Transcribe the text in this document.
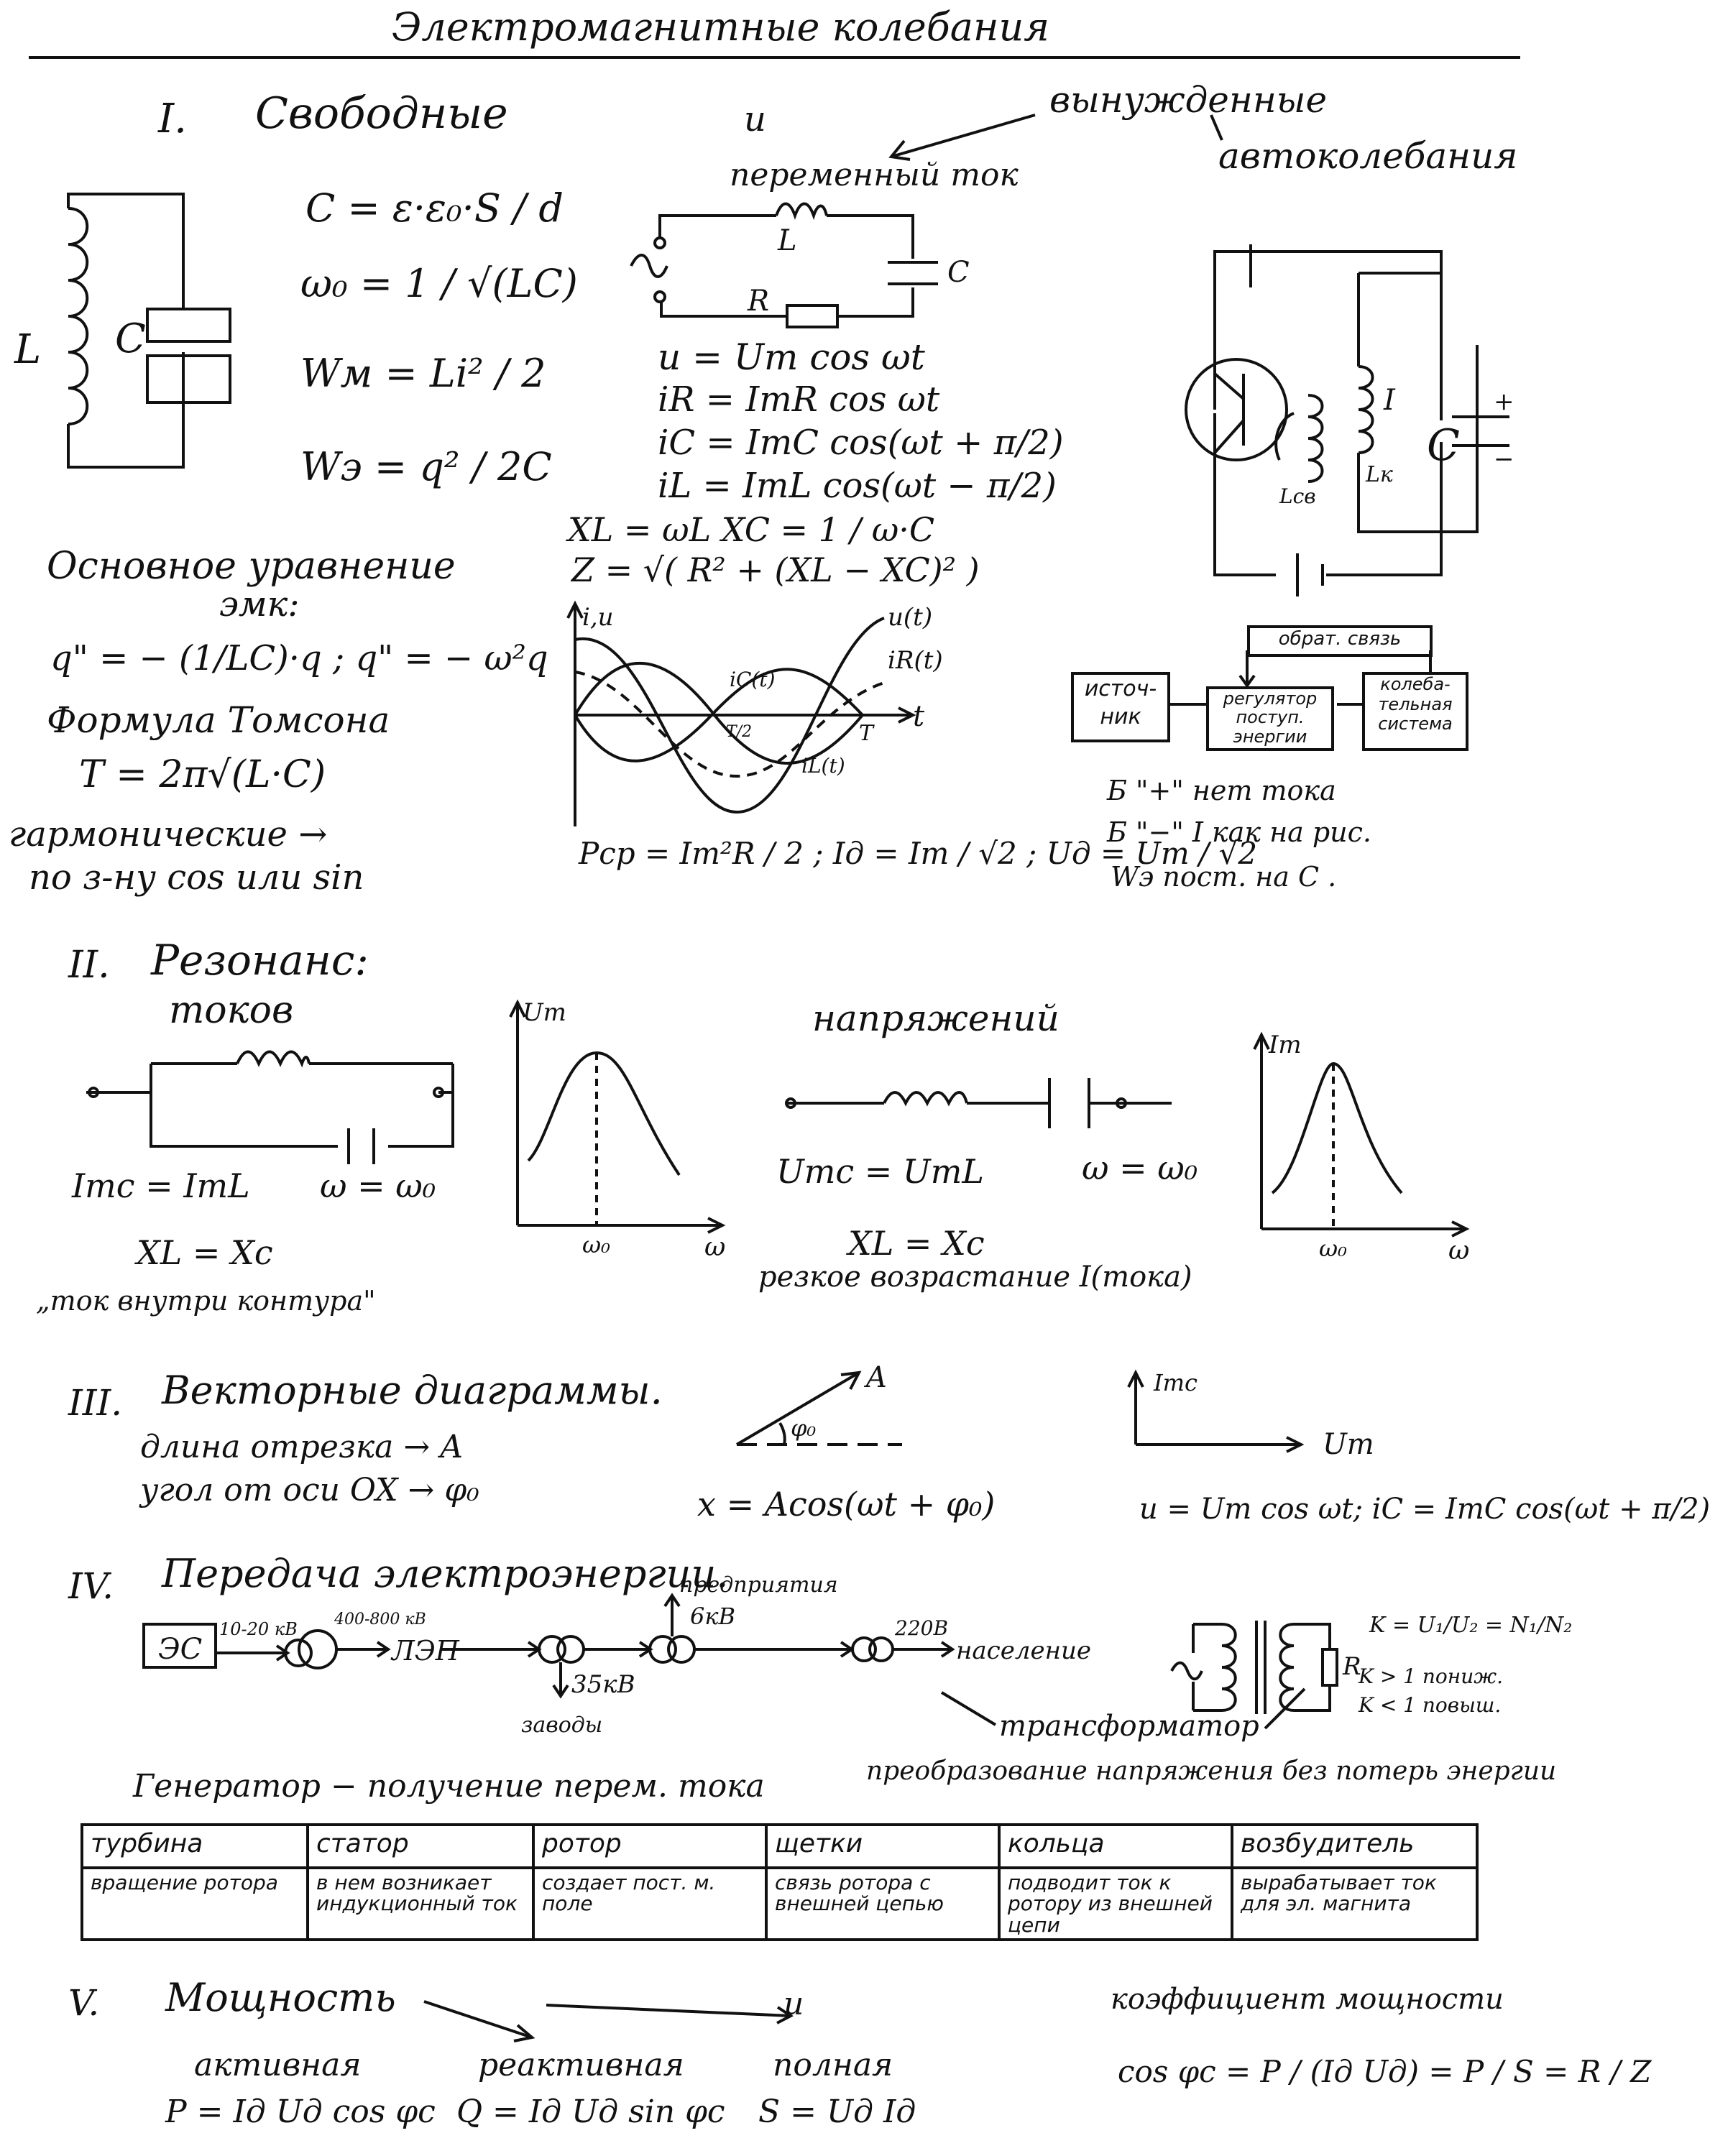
Электромагнитные колебания
I. Свободные	и	вынужденные
автоколебания
переменный ток
L C
C = ε·ε₀·S / d
ω₀ = 1 / √(LC)
Wм = Li² / 2
Wэ = q² / 2C
Основное уравнение
эмк:
q" = − (1/LC)·q ; q" = − ω²q
Формула Томсона
T = 2π√(L·C)
гармонические →
по з-ну cos или sin
L
R
C
u = Um cos ωt
iR = ImR cos ωt
iC = ImC cos(ωt + π/2)
iL = ImL cos(ωt − π/2)
XL = ωL XC = 1 / ω·C
Z = √( R² + (XL − XC)² )
i,u
t
u(t)
iR(t)
iC(t)
iL(t)
T
T/2
Pср = Im²R / 2 ; Iд = Im / √2 ; Uд = Um / √2
I
C
+
−
Lк
Lсв
обрат. связь
источ-ник
регулятор поступ. энергии
колеба-тельная система
Б "+" нет тока
Б "−" I как на рис.
Wэ пост. на C .
II. Резонанс:
токов	напряжений
Imc = ImL ω = ω₀
XL = Xc
„ток внутри контура"
Um
ω
ω₀
Umc = UmL	ω = ω₀
XL = Xc
резкое возрастание I(тока)
Im
ω
ω₀
III. Векторные диаграммы.
длина отрезка → A
угол от оси OX → φ₀
A
φ₀
x = Acos(ωt + φ₀)
Imc
Um
u = Um cos ωt; iC = ImC cos(ωt + π/2)
IV. Передача электроэнергии.
ЭС
10-20 кВ 400-800 кВ
ЛЭП
предприятия
6кВ
35кВ
заводы
220В
население
R
K = U₁/U₂ = N₁/N₂
K > 1 пониж.
K < 1 повыш.
трансформатор
преобразование напряжения без потерь энергии
Генератор − получение перем. тока
турбина	статор	ротор	щетки	кольца	возбудитель
вращение ротора	в нем возникает индукционный ток	создает пост. м. поле	связь ротора с внешней цепью	подводит ток к ротору из внешней цепи	вырабатывает ток для эл. магнита
V. Мощность	и
активная	реактивная	полная
P = Iд Uд cos φc Q = Iд Uд sin φc S = Uд Iд
коэффициент мощности
cos φc = P / (Iд Uд) = P / S = R / Z
